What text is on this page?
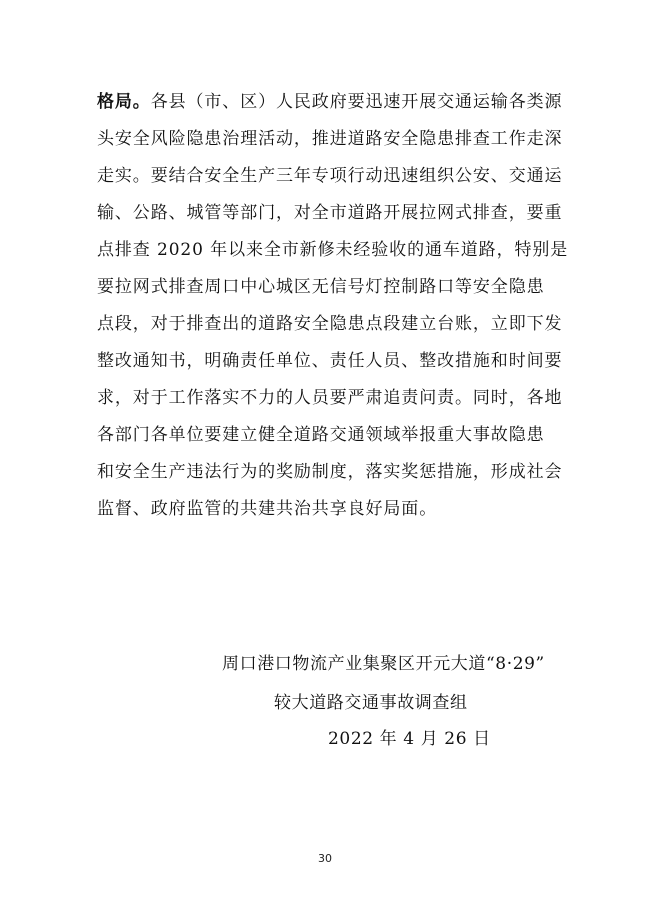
格局。各县（市、区）人民政府要迅速开展交通运输各类源
头安全风险隐患治理活动，推进道路安全隐患排查工作走深
走实。要结合安全生产三年专项行动迅速组织公安、交通运
输、公路、城管等部门，对全市道路开展拉网式排查，要重
点排查 2020 年以来全市新修未经验收的通车道路，特别是
要拉网式排查周口中心城区无信号灯控制路口等安全隐患
点段，对于排查出的道路安全隐患点段建立台账，立即下发
整改通知书，明确责任单位、责任人员、整改措施和时间要
求，对于工作落实不力的人员要严肃追责问责。同时，各地
各部门各单位要建立健全道路交通领域举报重大事故隐患
和安全生产违法行为的奖励制度，落实奖惩措施，形成社会
监督、政府监管的共建共治共享良好局面。
周口港口物流产业集聚区开元大道“8·29”
较大道路交通事故调查组
2022 年 4 月 26 日
30
